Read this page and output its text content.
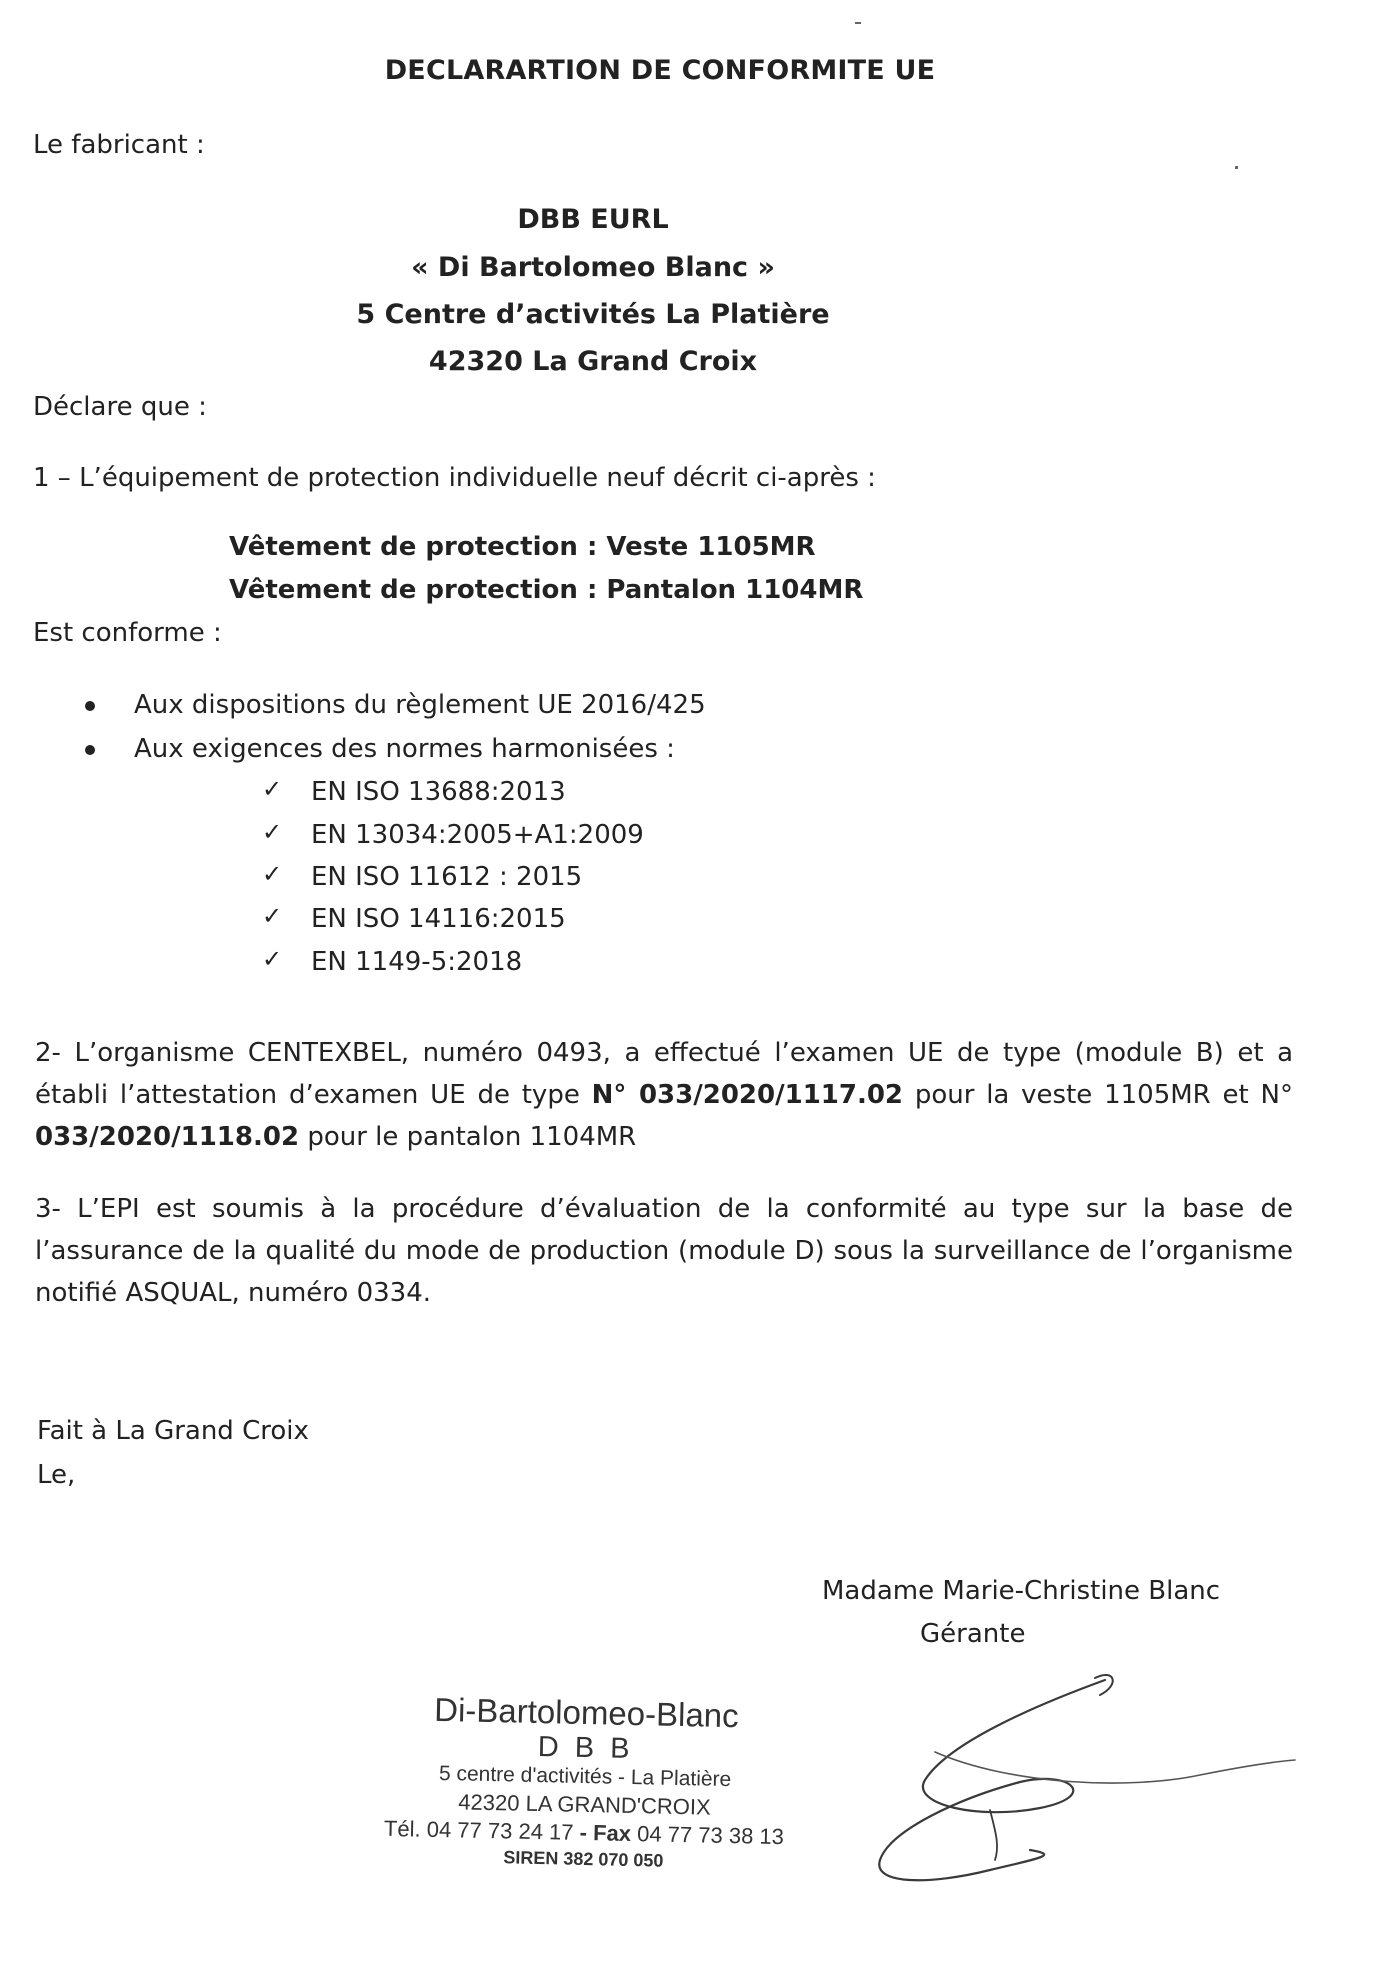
DECLARARTION DE CONFORMITE UE
Le fabricant :
DBB EURL
« Di Bartolomeo Blanc »
5 Centre d’activités La Platière
42320 La Grand Croix
Déclare que :
1 – L’équipement de protection individuelle neuf décrit ci-après :
Vêtement de protection : Veste 1105MR
Vêtement de protection : Pantalon 1104MR
Est conforme :
Aux dispositions du règlement UE 2016/425
Aux exigences des normes harmonisées :
✓ EN ISO 13688:2013
✓ EN 13034:2005+A1:2009
✓ EN ISO 11612 : 2015
✓ EN ISO 14116:2015
✓ EN 1149-5:2018
2- L’organisme CENTEXBEL, numéro 0493, a effectué l’examen UE de type (module B) et a établi l’attestation d’examen UE de type N° 033/2020/1117.02 pour la veste 1105MR et N° 033/2020/1118.02 pour le pantalon 1104MR
3- L’EPI est soumis à la procédure d’évaluation de la conformité au type sur la base de l’assurance de la qualité du mode de production (module D) sous la surveillance de l’organisme notifié ASQUAL, numéro 0334.
Fait à La Grand Croix
Le,
Madame Marie-Christine Blanc
Gérante
Di-Bartolomeo-Blanc
D B B
5 centre d'activités - La Platière
42320 LA GRAND'CROIX
Tél. 04 77 73 24 17 - Fax 04 77 73 38 13
SIREN 382 070 050
